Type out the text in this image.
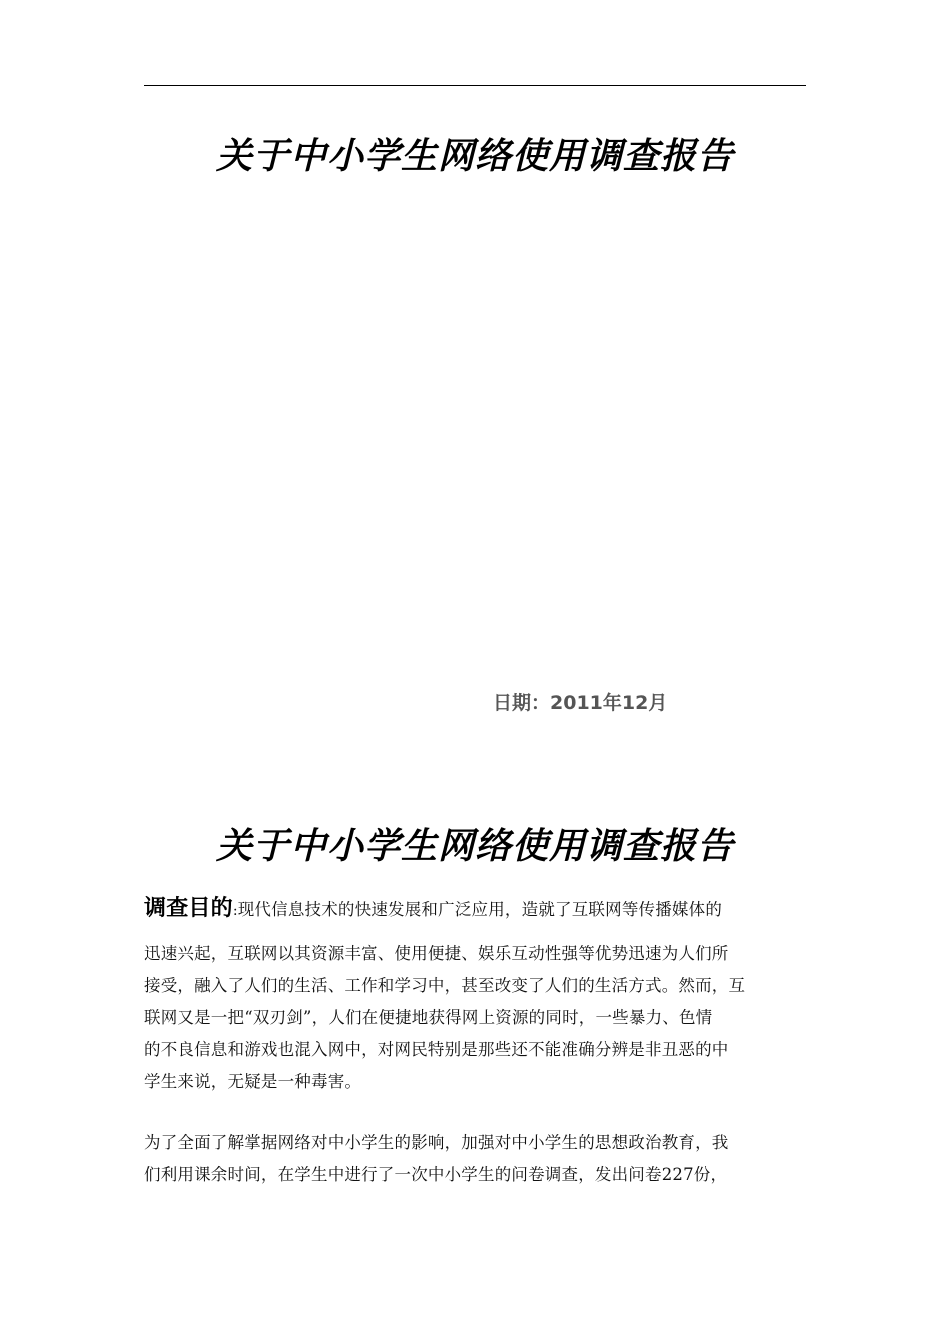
关于中小学生网络使用调查报告
日期：2011年12月
关于中小学生网络使用调查报告
调查目的:现代信息技术的快速发展和广泛应用，造就了互联网等传播媒体的
迅速兴起，互联网以其资源丰富、使用便捷、娱乐互动性强等优势迅速为人们所
接受，融入了人们的生活、工作和学习中，甚至改变了人们的生活方式。然而，互
联网又是一把“双刃剑”，人们在便捷地获得网上资源的同时，一些暴力、色情
的不良信息和游戏也混入网中，对网民特别是那些还不能准确分辨是非丑恶的中
学生来说，无疑是一种毒害。
为了全面了解掌据网络对中小学生的影响，加强对中小学生的思想政治教育，我
们利用课余时间，在学生中进行了一次中小学生的问卷调查，发出问卷227份，
